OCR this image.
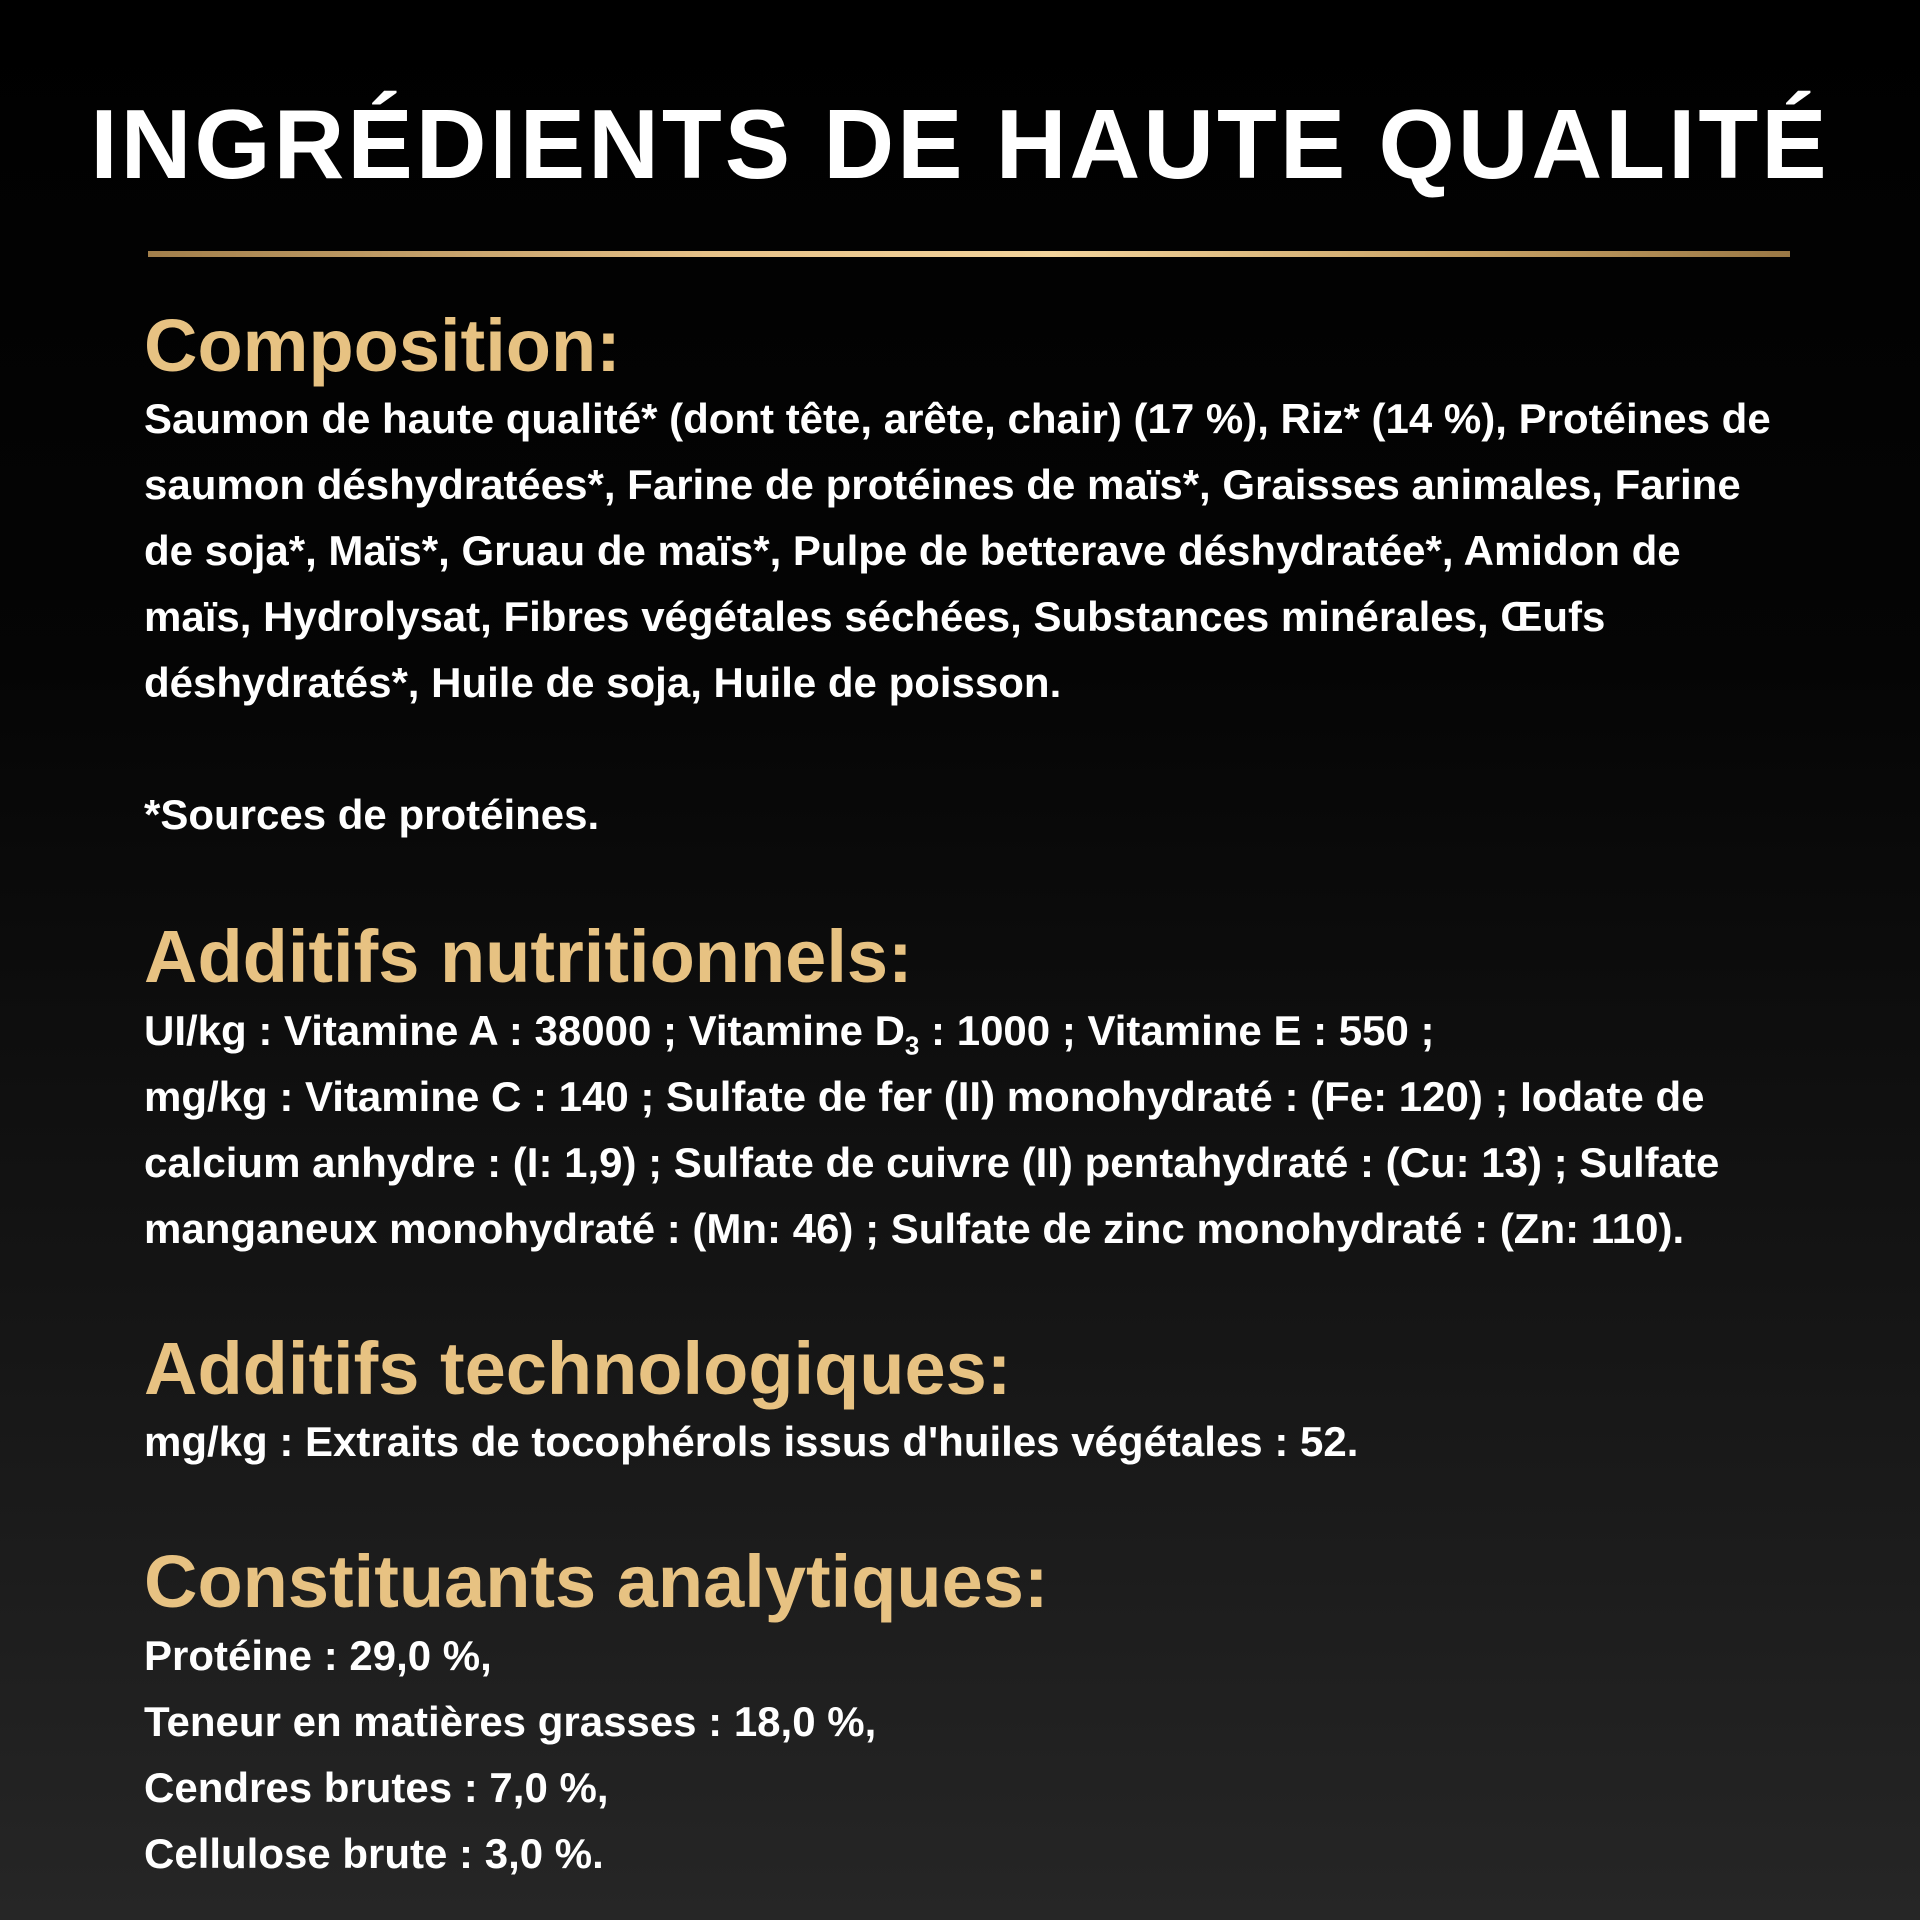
INGRÉDIENTS DE HAUTE QUALITÉ
Composition:

Saumon de haute qualité* (dont tête, arête, chair) (17 %), Riz* (14 %), Protéines de saumon déshydratées*, Farine de protéines de maïs*, Graisses animales, Farine de soja*, Maïs*, Gruau de maïs*, Pulpe de betterave déshydratée*, Amidon de maïs, Hydrolysat, Fibres végétales séchées, Substances minérales, Œufs déshydratés*, Huile de soja, Huile de poisson.

*Sources de protéines.

Additifs nutritionnels:

UI/kg : Vitamine A : 38000 ; Vitamine $D_3$ : 1000 ; Vitamine E : 550 ;
mg/kg : Vitamine C : 140 ; Sulfate de fer (II) monohydraté : (Fe: 120) ; Iodate de calcium anhydre : (I: 1,9) ; Sulfate de cuivre (II) pentahydraté : (Cu: 13) ; Sulfate manganeux monohydraté : (Mn: 46) ; Sulfate de zinc monohydraté : (Zn: 110).

Additifs technologiques:

mg/kg : Extraits de tocophérols issus d'huiles végétales : 52.

Constituants analytiques:

Protéine : 29,0 %,
Teneur en matières grasses : 18,0 %,
Cendres brutes : 7,0 %,
Cellulose brute : 3,0 %.
